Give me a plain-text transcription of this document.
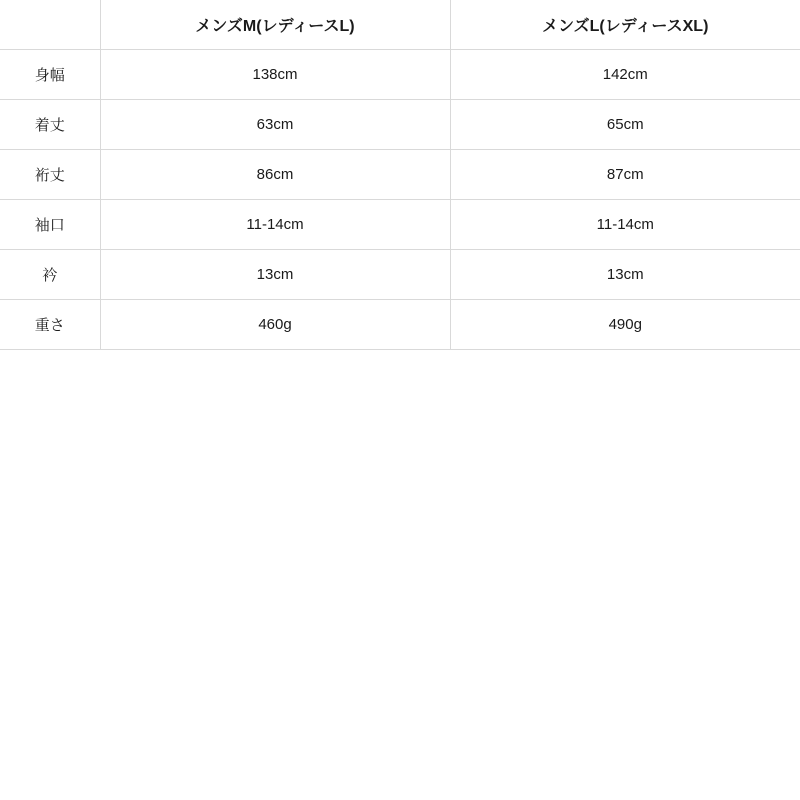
	メンズM(レディースL)	メンズL(レディースXL)
身幅	138cm	142cm
着丈	63cm	65cm
裄丈	86cm	87cm
袖口	11-14cm	11-14cm
衿	13cm	13cm
重さ	460g	490g
